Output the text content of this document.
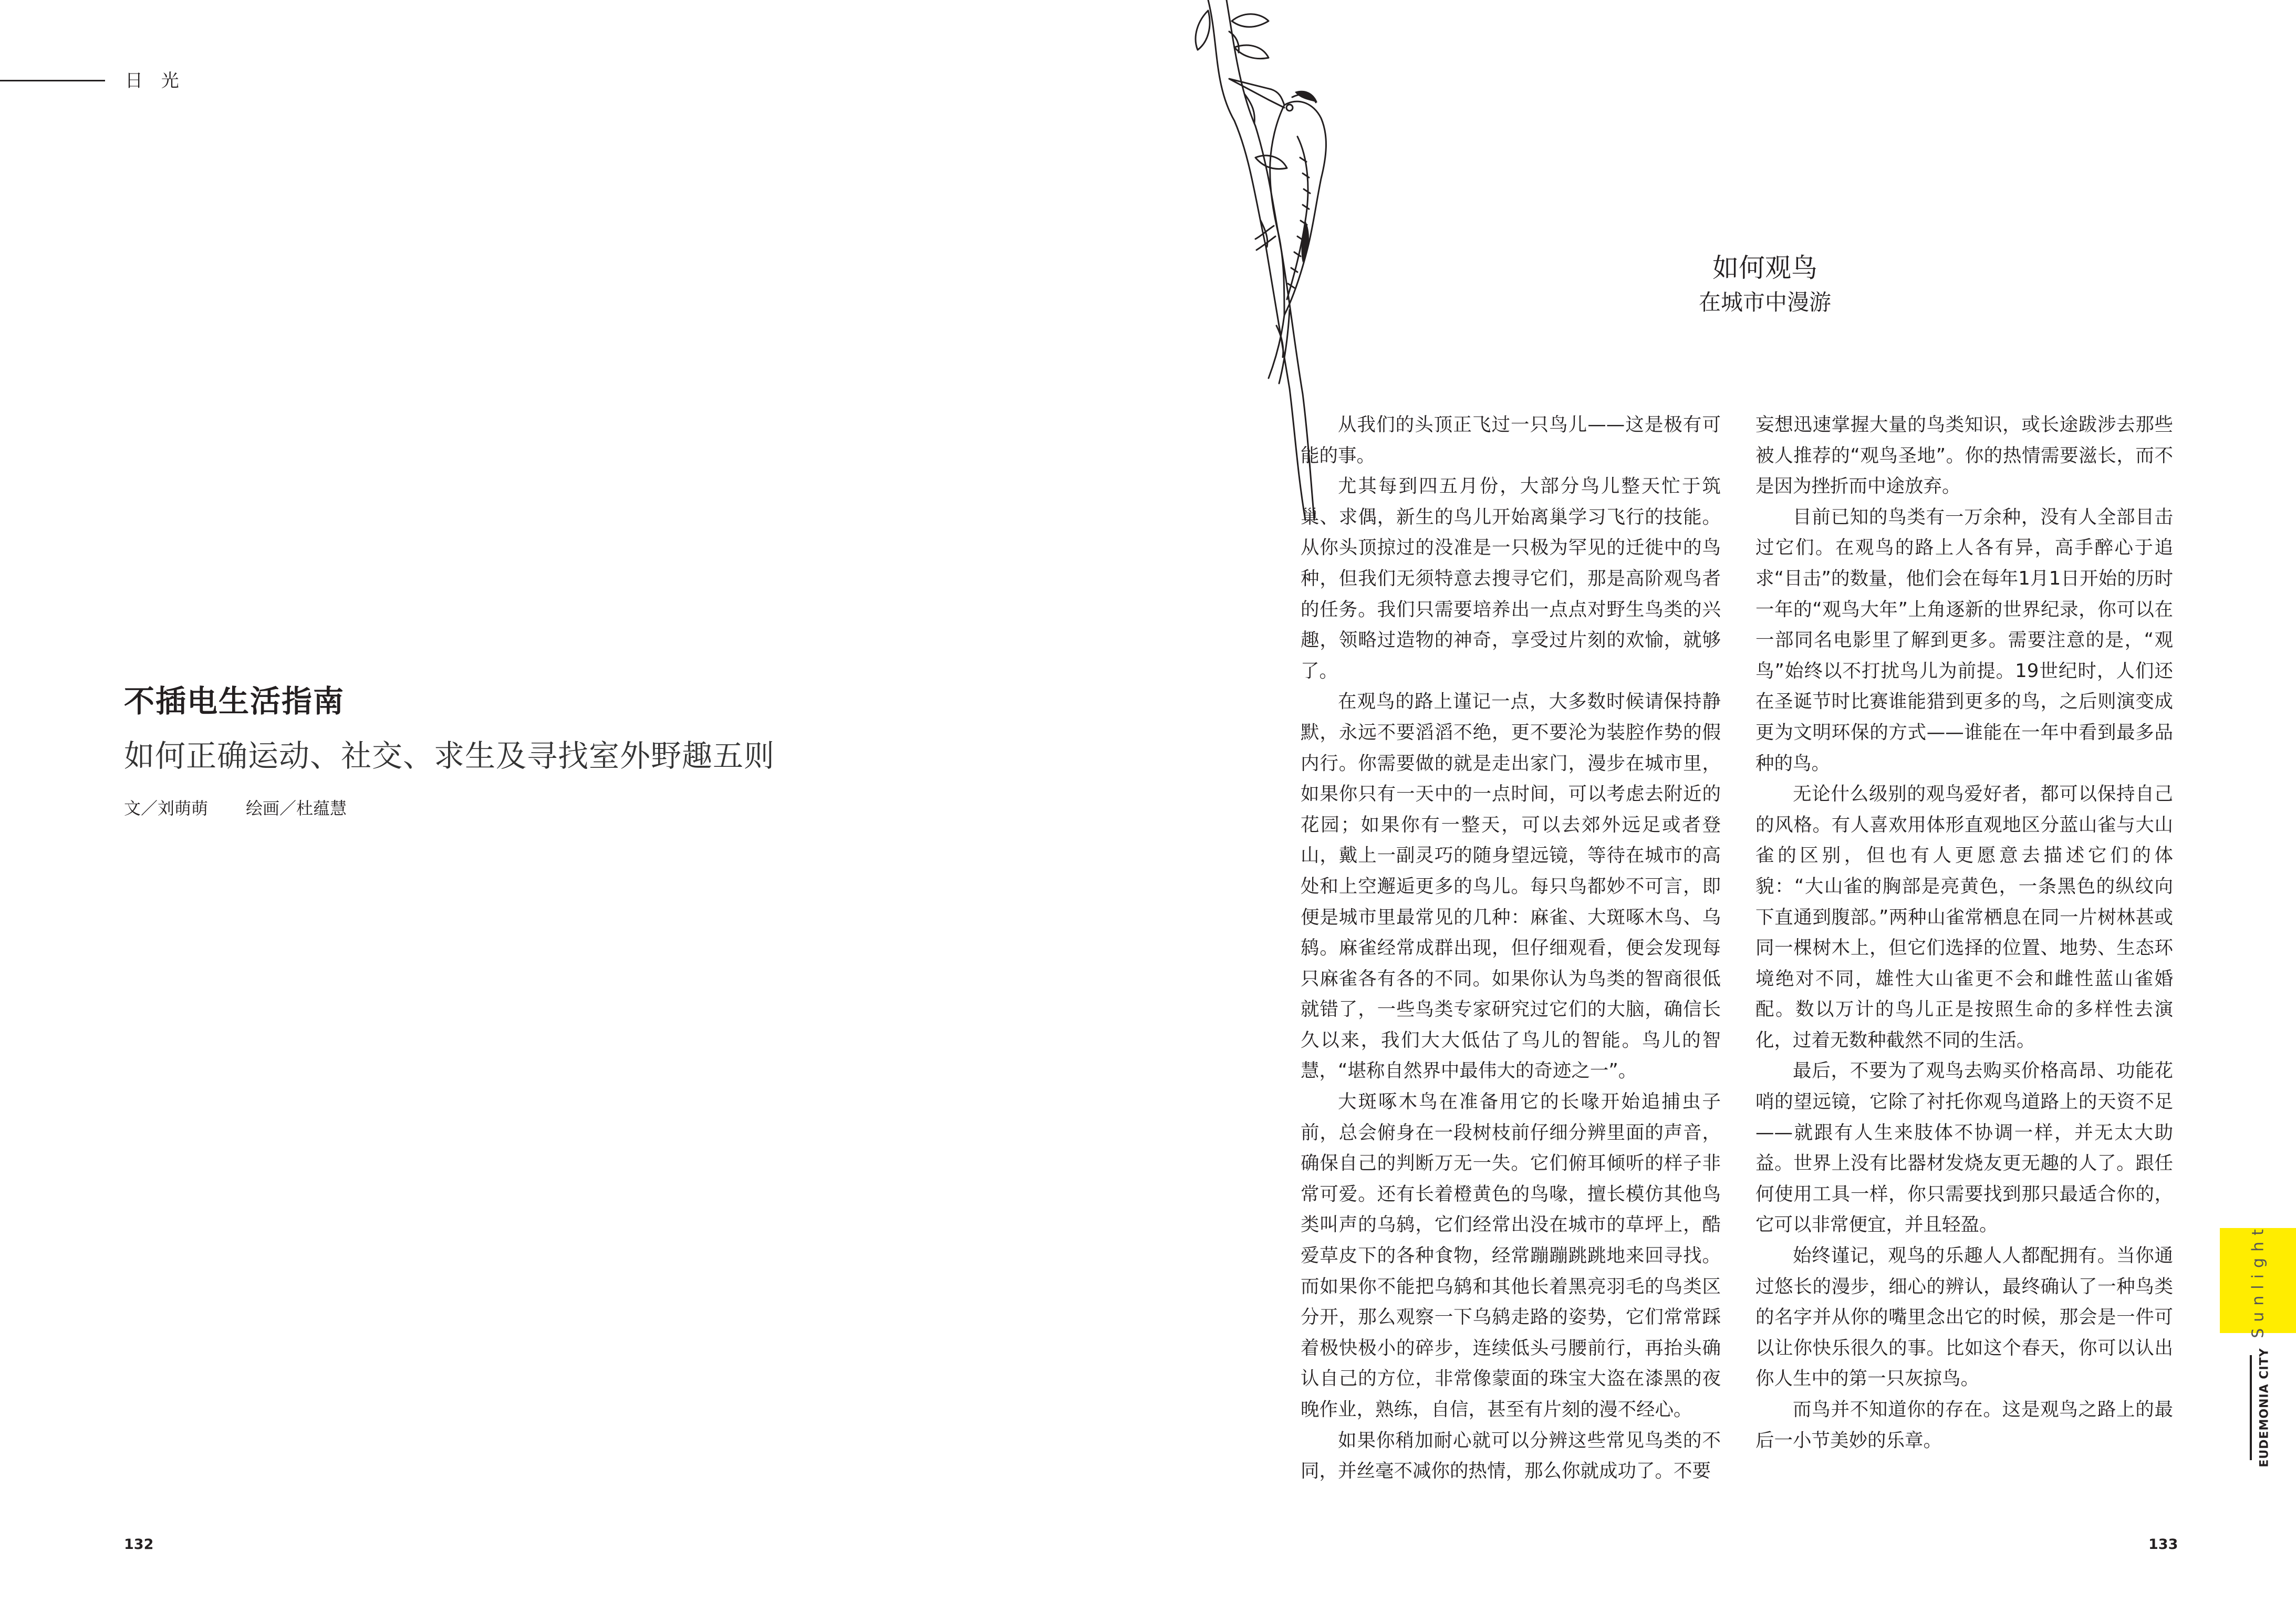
日 光
不插电生活指南
如何正确运动、社交、求生及寻找室外野趣五则
文／刘萌萌 绘画／杜蕴慧
132
如何观鸟
在城市中漫游

从我们的头顶正飞过一只鸟儿——这是极有可能的事。

尤其每到四五月份，大部分鸟儿整天忙于筑巢、求偶，新生的鸟儿开始离巢学习飞行的技能。从你头顶掠过的没准是一只极为罕见的迁徙中的鸟种，但我们无须特意去搜寻它们，那是高阶观鸟者的任务。我们只需要培养出一点点对野生鸟类的兴趣，领略过造物的神奇，享受过片刻的欢愉，就够了。

在观鸟的路上谨记一点，大多数时候请保持静默，永远不要滔滔不绝，更不要沦为装腔作势的假内行。你需要做的就是走出家门，漫步在城市里，如果你只有一天中的一点时间，可以考虑去附近的花园；如果你有一整天，可以去郊外远足或者登山，戴上一副灵巧的随身望远镜，等待在城市的高处和上空邂逅更多的鸟儿。每只鸟都妙不可言，即便是城市里最常见的几种：麻雀、大斑啄木鸟、乌鸫。麻雀经常成群出现，但仔细观看，便会发现每只麻雀各有各的不同。如果你认为鸟类的智商很低就错了，一些鸟类专家研究过它们的大脑，确信长久以来，我们大大低估了鸟儿的智能。鸟儿的智慧，“堪称自然界中最伟大的奇迹之一”。

大斑啄木鸟在准备用它的长喙开始追捕虫子前，总会俯身在一段树枝前仔细分辨里面的声音，确保自己的判断万无一失。它们俯耳倾听的样子非常可爱。还有长着橙黄色的鸟喙，擅长模仿其他鸟类叫声的乌鸫，它们经常出没在城市的草坪上，酷爱草皮下的各种食物，经常蹦蹦跳跳地来回寻找。而如果你不能把乌鸫和其他长着黑亮羽毛的鸟类区分开，那么观察一下乌鸫走路的姿势，它们常常踩着极快极小的碎步，连续低头弓腰前行，再抬头确认自己的方位，非常像蒙面的珠宝大盗在漆黑的夜晚作业，熟练，自信，甚至有片刻的漫不经心。

如果你稍加耐心就可以分辨这些常见鸟类的不同，并丝毫不减你的热情，那么你就成功了。不要

妄想迅速掌握大量的鸟类知识，或长途跋涉去那些被人推荐的“观鸟圣地”。你的热情需要滋长，而不是因为挫折而中途放弃。

目前已知的鸟类有一万余种，没有人全部目击过它们。在观鸟的路上人各有异，高手醉心于追求“目击”的数量，他们会在每年1月1日开始的历时一年的“观鸟大年”上角逐新的世界纪录，你可以在一部同名电影里了解到更多。需要注意的是，“观鸟”始终以不打扰鸟儿为前提。19世纪时，人们还在圣诞节时比赛谁能猎到更多的鸟，之后则演变成更为文明环保的方式——谁能在一年中看到最多品种的鸟。

无论什么级别的观鸟爱好者，都可以保持自己的风格。有人喜欢用体形直观地区分蓝山雀与大山雀的区别，但也有人更愿意去描述它们的体貌：“大山雀的胸部是亮黄色，一条黑色的纵纹向下直通到腹部。”两种山雀常栖息在同一片树林甚或同一棵树木上，但它们选择的位置、地势、生态环境绝对不同，雄性大山雀更不会和雌性蓝山雀婚配。数以万计的鸟儿正是按照生命的多样性去演化，过着无数种截然不同的生活。

最后，不要为了观鸟去购买价格高昂、功能花哨的望远镜，它除了衬托你观鸟道路上的天资不足——就跟有人生来肢体不协调一样，并无太大助益。世界上没有比器材发烧友更无趣的人了。跟任何使用工具一样，你只需要找到那只最适合你的，它可以非常便宜，并且轻盈。

始终谨记，观鸟的乐趣人人都配拥有。当你通过悠长的漫步，细心的辨认，最终确认了一种鸟类的名字并从你的嘴里念出它的时候，那会是一件可以让你快乐很久的事。比如这个春天，你可以认出你人生中的第一只灰掠鸟。

而鸟并不知道你的存在。这是观鸟之路上的最后一小节美妙的乐章。

Sunlight
EUDEMONIA CITY
133
